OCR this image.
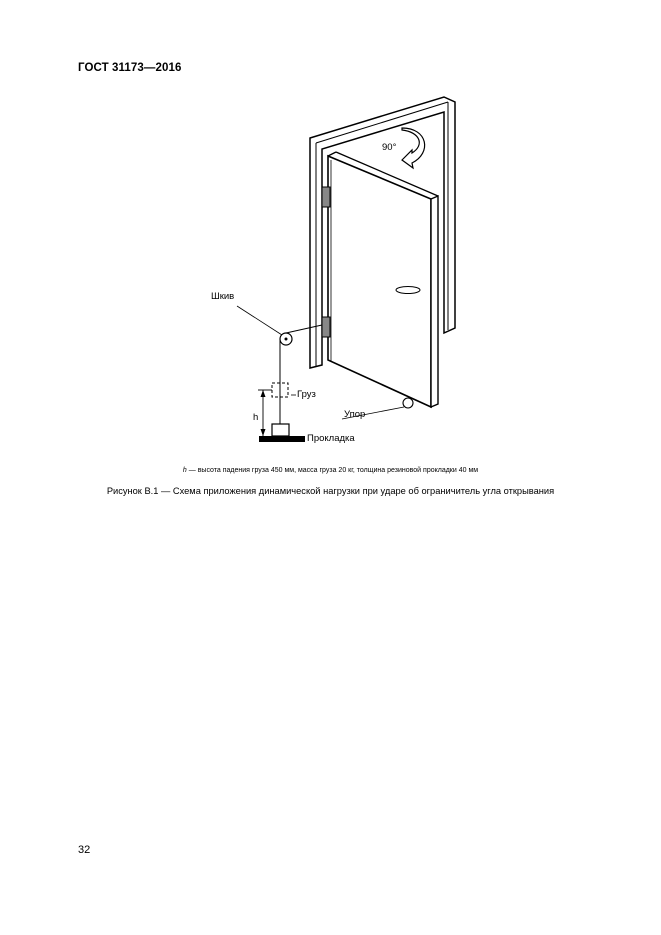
ГОСТ 31173—2016
90°
Шкив
Груз
h	Упор
Прокладка
h — высота падения груза 450 мм, масса груза 20 кг, толщина резиновой прокладки 40 мм
Рисунок В.1 — Схема приложения динамической нагрузки при ударе об ограничитель угла открывания
32
